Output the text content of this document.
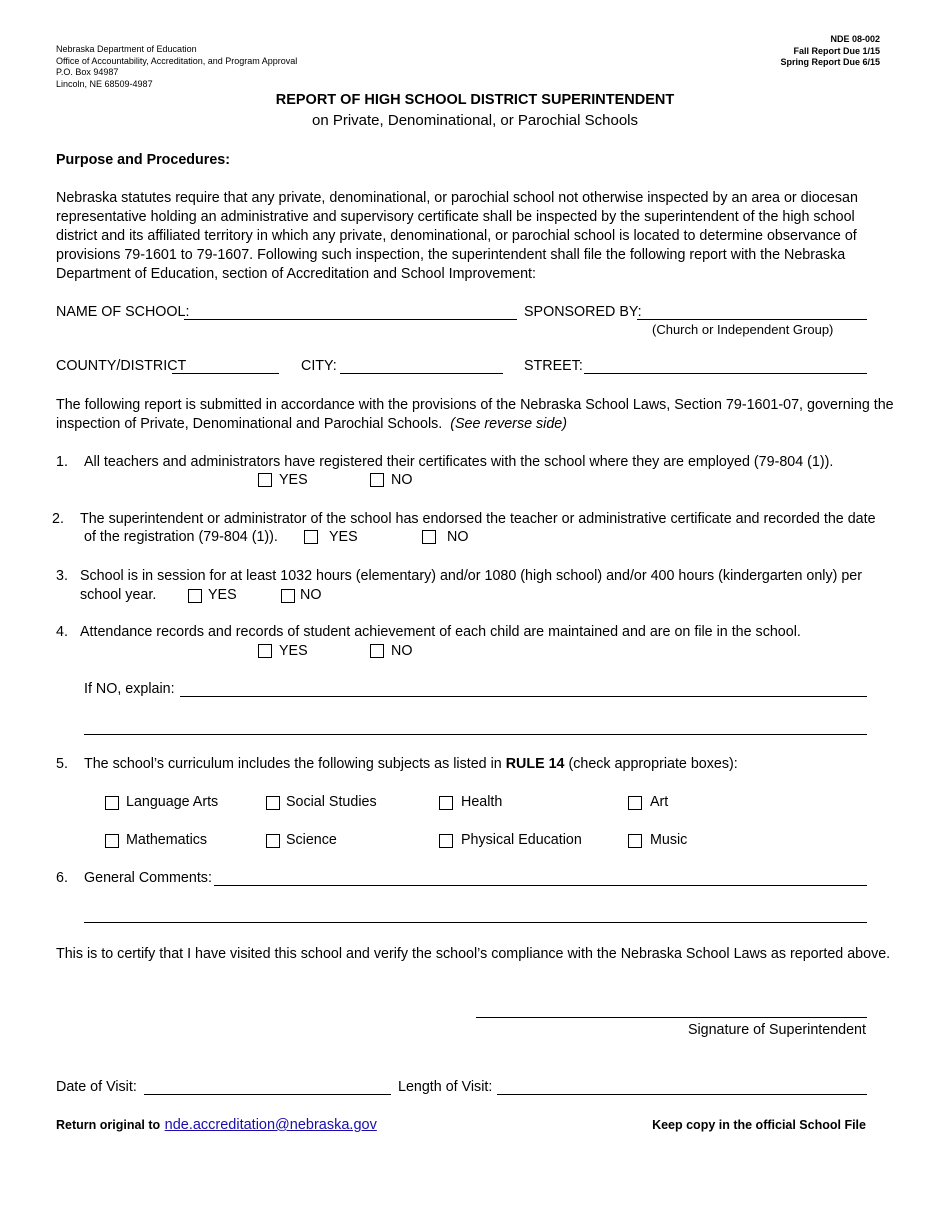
Nebraska Department of Education
Office of Accountability, Accreditation, and Program Approval
P.O. Box 94987
Lincoln, NE 68509-4987
NDE 08-002
Fall Report Due 1/15
Spring Report Due 6/15
REPORT OF HIGH SCHOOL DISTRICT SUPERINTENDENT
on Private, Denominational, or Parochial Schools
Purpose and Procedures:
Nebraska statutes require that any private, denominational, or parochial school not otherwise inspected by an area or diocesan representative holding an administrative and supervisory certificate shall be inspected by the superintendent of the high school district and its affiliated territory in which any private, denominational, or parochial school is located to determine observance of provisions 79-1601 to 79-1607. Following such inspection, the superintendent shall file the following report with the Nebraska Department of Education, section of Accreditation and School Improvement:
NAME OF SCHOOL:	SPONSORED BY:
(Church or Independent Group)
COUNTY/DISTRICT	CITY:	STREET:
The following report is submitted in accordance with the provisions of the Nebraska School Laws, Section 79-1601-07, governing the inspection of Private, Denominational and Parochial Schools. (See reverse side)
1. All teachers and administrators have registered their certificates with the school where they are employed (79-804 (1)).
YES	NO
2. The superintendent or administrator of the school has endorsed the teacher or administrative certificate and recorded the date
of the registration (79-804 (1)).	YES	NO
3. School is in session for at least 1032 hours (elementary) and/or 1080 (high school) and/or 400 hours (kindergarten only) per
school year.	YES	NO
4. Attendance records and records of student achievement of each child are maintained and are on file in the school.
YES	NO
If NO, explain:
5. The school’s curriculum includes the following subjects as listed in RULE 14 (check appropriate boxes):
Language Arts	Social Studies	Health	Art
Mathematics	Science	Physical Education	Music
6. General Comments:
This is to certify that I have visited this school and verify the school’s compliance with the Nebraska School Laws as reported above.
Signature of Superintendent
Date of Visit:	Length of Visit:
Return original to nde.accreditation@nebraska.gov	Keep copy in the official School File
